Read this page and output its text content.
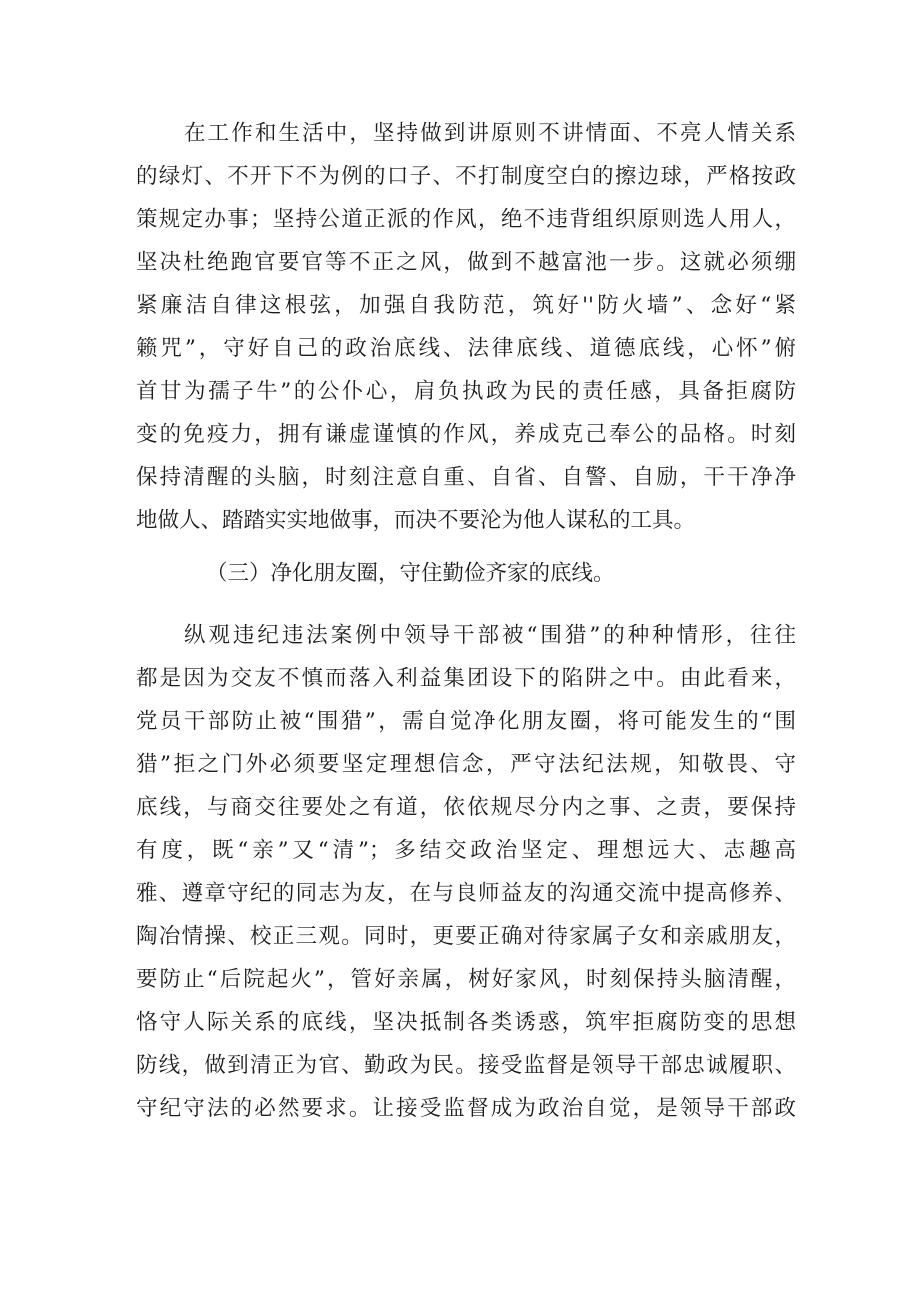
在工作和生活中，坚持做到讲原则不讲情面、不亮人情关系

的绿灯、不开下不为例的口子、不打制度空白的擦边球，严格按政

策规定办事；坚持公道正派的作风，绝不违背组织原则选人用人，

坚决杜绝跑官要官等不正之风，做到不越富池一步。这就必须绷

紧廉洁自律这根弦，加强自我防范，筑好''防火墙”、念好“紧

籁咒”，守好自己的政治底线、法律底线、道德底线，心怀”俯

首甘为孺子牛”的公仆心，肩负执政为民的责任感，具备拒腐防

变的免疫力，拥有谦虚谨慎的作风，养成克己奉公的品格。时刻

保持清醒的头脑，时刻注意自重、自省、自警、自励，干干净净

地做人、踏踏实实地做事，而决不要沦为他人谋私的工具。

（三）净化朋友圈，守住勤俭齐家的底线。

纵观违纪违法案例中领导干部被“围猎”的种种情形，往往

都是因为交友不慎而落入利益集团设下的陷阱之中。由此看来，

党员干部防止被“围猎”，需自觉净化朋友圈，将可能发生的“围

猎”拒之门外必须要坚定理想信念，严守法纪法规，知敬畏、守

底线，与商交往要处之有道，依依规尽分内之事、之责，要保持

有度，既“亲”又“清”；多结交政治坚定、理想远大、志趣高

雅、遵章守纪的同志为友，在与良师益友的沟通交流中提高修养、

陶冶情操、校正三观。同时，更要正确对待家属子女和亲戚朋友，

要防止“后院起火”，管好亲属，树好家风，时刻保持头脑清醒，

恪守人际关系的底线，坚决抵制各类诱惑，筑牢拒腐防变的思想

防线，做到清正为官、勤政为民。接受监督是领导干部忠诚履职、

守纪守法的必然要求。让接受监督成为政治自觉，是领导干部政
